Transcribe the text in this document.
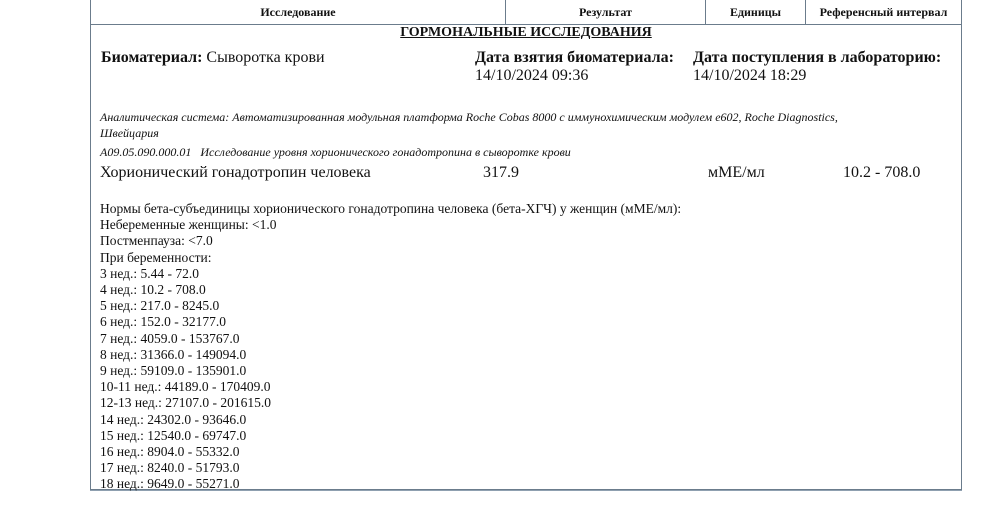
Исследование	Результат	Единицы	Референсный интервал
ГОРМОНАЛЬНЫЕ ИССЛЕДОВАНИЯ
Биоматериал: Сыворотка крови	Дата взятия биоматериала:
14/10/2024 09:36
Дата поступления в лабораторию:
14/10/2024 18:29
Аналитическая система: Автоматизированная модульная платформа Roche Cobas 8000 с иммунохимическим модулем e602, Roche Diagnostics,
Швейцария
A09.05.090.000.01 Исследование уровня хорионического гонадотропина в сыворотке крови
Хорионический гонадотропин человека	317.9	мМЕ/мл	10.2 - 708.0
Нормы бета-субъединицы хорионического гонадотропина человека (бета-ХГЧ) у женщин (мМЕ/мл):
Небеременные женщины: <1.0
Постменпауза: <7.0
При беременности:
3 нед.: 5.44 - 72.0
4 нед.: 10.2 - 708.0
5 нед.: 217.0 - 8245.0
6 нед.: 152.0 - 32177.0
7 нед.: 4059.0 - 153767.0
8 нед.: 31366.0 - 149094.0
9 нед.: 59109.0 - 135901.0
10-11 нед.: 44189.0 - 170409.0
12-13 нед.: 27107.0 - 201615.0
14 нед.: 24302.0 - 93646.0
15 нед.: 12540.0 - 69747.0
16 нед.: 8904.0 - 55332.0
17 нед.: 8240.0 - 51793.0
18 нед.: 9649.0 - 55271.0
